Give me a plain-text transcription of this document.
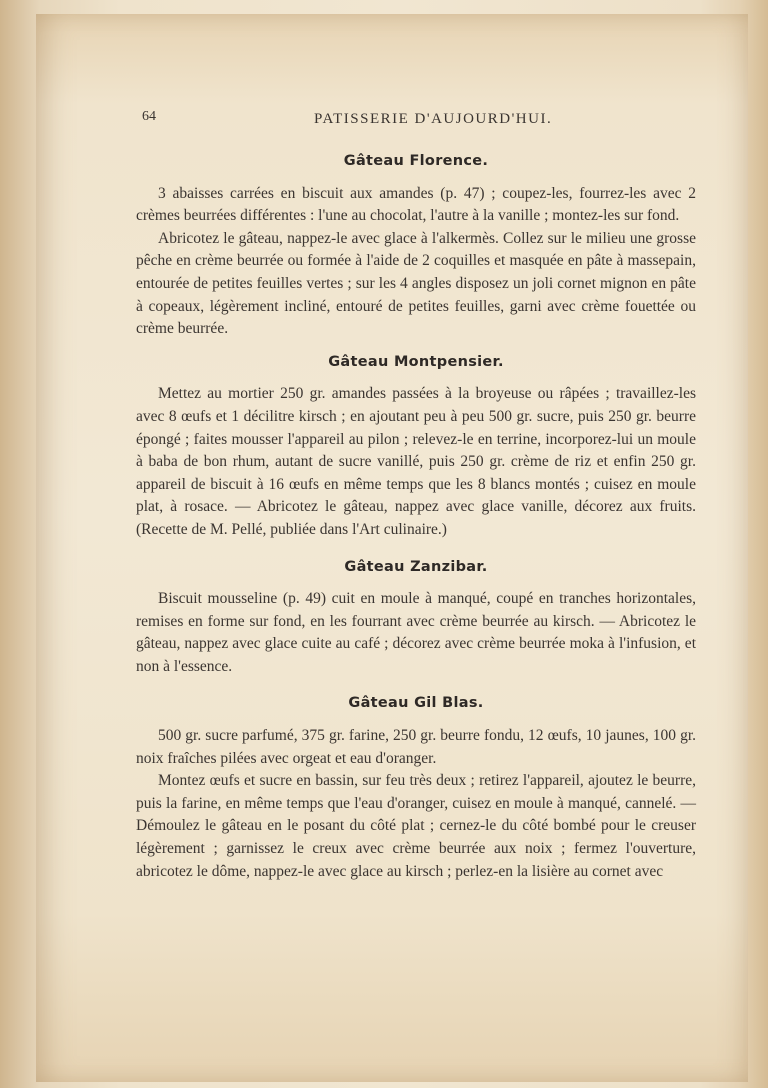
64	PATISSERIE D'AUJOURD'HUI.
Gâteau Florence.

3 abaisses carrées en biscuit aux amandes (p. 47) ; coupez-les, fourrez-les avec 2 crèmes beurrées différentes : l'une au chocolat, l'autre à la vanille ; montez-les sur fond.

Abricotez le gâteau, nappez-le avec glace à l'alkermès. Collez sur le milieu une grosse pêche en crème beurrée ou formée à l'aide de 2 coquilles et masquée en pâte à massepain, entourée de petites feuilles vertes ; sur les 4 angles disposez un joli cornet mignon en pâte à copeaux, légèrement incliné, entouré de petites feuilles, garni avec crème fouettée ou crème beurrée.

Gâteau Montpensier.

Mettez au mortier 250 gr. amandes passées à la broyeuse ou râpées ; travaillez-les avec 8 œufs et 1 décilitre kirsch ; en ajoutant peu à peu 500 gr. sucre, puis 250 gr. beurre épongé ; faites mousser l'appareil au pilon ; relevez-le en terrine, incorporez-lui un moule à baba de bon rhum, autant de sucre vanillé, puis 250 gr. crème de riz et enfin 250 gr. appareil de biscuit à 16 œufs en même temps que les 8 blancs montés ; cuisez en moule plat, à rosace. — Abricotez le gâteau, nappez avec glace vanille, décorez aux fruits. (Recette de M. Pellé, publiée dans l'Art culinaire.)

Gâteau Zanzibar.

Biscuit mousseline (p. 49) cuit en moule à manqué, coupé en tranches horizontales, remises en forme sur fond, en les fourrant avec crème beurrée au kirsch. — Abricotez le gâteau, nappez avec glace cuite au café ; décorez avec crème beurrée moka à l'infusion, et non à l'essence.

Gâteau Gil Blas.

500 gr. sucre parfumé, 375 gr. farine, 250 gr. beurre fondu, 12 œufs, 10 jaunes, 100 gr. noix fraîches pilées avec orgeat et eau d'oranger.

Montez œufs et sucre en bassin, sur feu très deux ; retirez l'appareil, ajoutez le beurre, puis la farine, en même temps que l'eau d'oranger, cuisez en moule à manqué, cannelé. — Démoulez le gâteau en le posant du côté plat ; cernez-le du côté bombé pour le creuser légèrement ; garnissez le creux avec crème beurrée aux noix ; fermez l'ouverture, abricotez le dôme, nappez-le avec glace au kirsch ; perlez-en la lisière au cornet avec
